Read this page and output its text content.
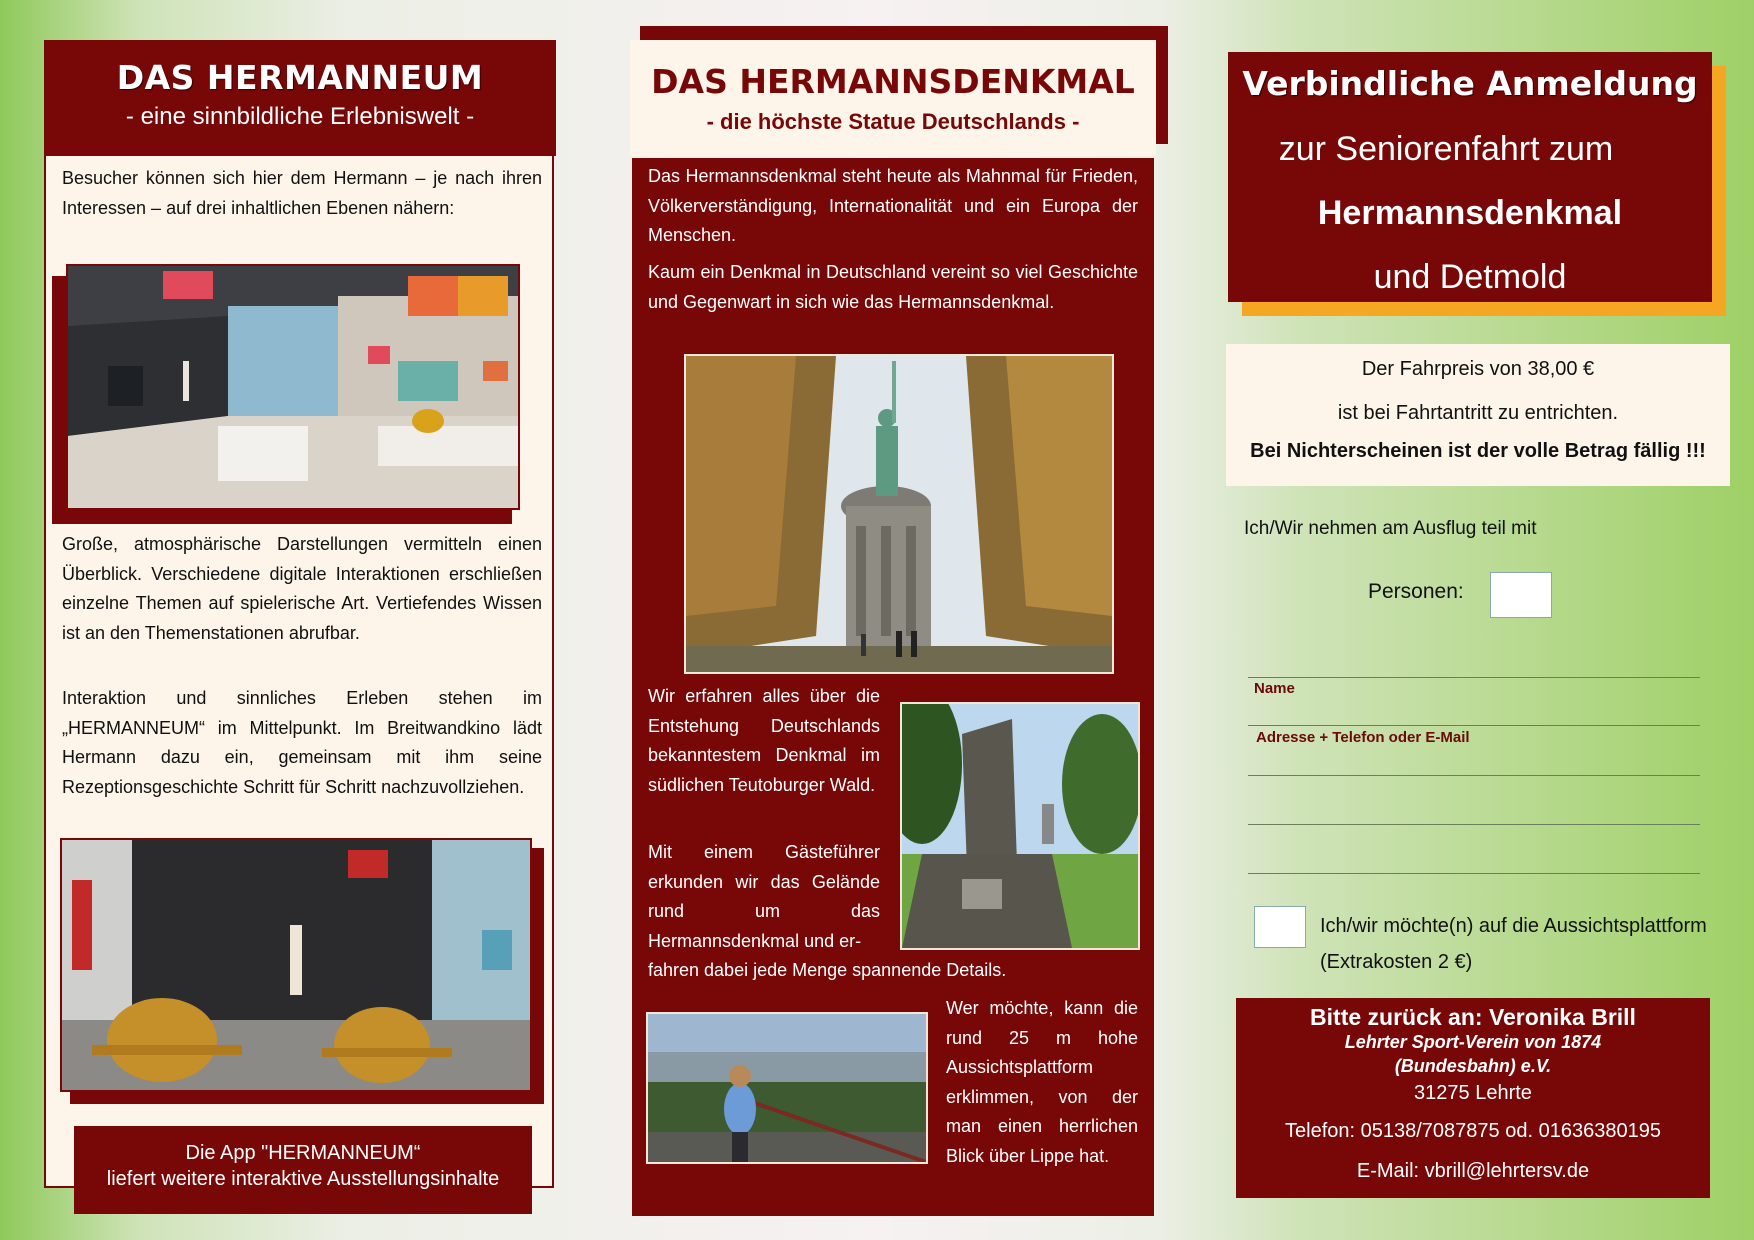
DAS HERMANNEUM
- eine sinnbildliche Erlebniswelt -
Besucher können sich hier dem Hermann – je nach ihren Interessen – auf drei inhaltlichen Ebenen nähern:
Große, atmosphärische Darstellungen vermitteln einen Überblick. Verschiedene digitale Interaktionen erschließen einzelne Themen auf spielerische Art. Vertiefendes Wissen ist an den Themenstationen abrufbar.
Interaktion und sinnliches Erleben stehen im „HERMANNEUM“ im Mittelpunkt. Im Breitwandkino lädt Hermann dazu ein, gemeinsam mit ihm seine Rezeptionsgeschichte Schritt für Schritt nachzuvollziehen.
Die App "HERMANNEUM“
liefert weitere interaktive Ausstellungsinhalte
DAS HERMANNSDENKMAL
- die höchste Statue Deutschlands -
Das Hermannsdenkmal steht heute als Mahnmal für Frieden, Völkerverständigung, Internationalität und ein Europa der Menschen.
Kaum ein Denkmal in Deutschland vereint so viel Geschichte und Gegenwart in sich wie das Hermannsdenkmal.
Wir erfahren alles über die Entstehung Deutschlands bekanntestem Denkmal im südlichen Teutoburger Wald.
Mit einem Gästeführer erkunden wir das Gelände rund um das Hermannsdenkmal und er-
fahren dabei jede Menge spannende Details.
Wer möchte, kann die rund 25 m hohe Aussichtsplattform erklimmen, von der man einen herrlichen Blick über Lippe hat.
Verbindliche Anmeldung
zur Seniorenfahrt zum
Hermannsdenkmal
und Detmold
Der Fahrpreis von 38,00 €
ist bei Fahrtantritt zu entrichten.
Bei Nichterscheinen ist der volle Betrag fällig !!!
Ich/Wir nehmen am Ausflug teil mit
Personen:
Name
Adresse + Telefon oder E-Mail
Ich/wir möchte(n) auf die Aussichtsplattform
(Extrakosten 2 €)
Bitte zurück an: Veronika Brill
Lehrter Sport-Verein von 1874
(Bundesbahn) e.V.
31275 Lehrte
Telefon: 05138/7087875 od. 01636380195
E-Mail: vbrill@lehrtersv.de
